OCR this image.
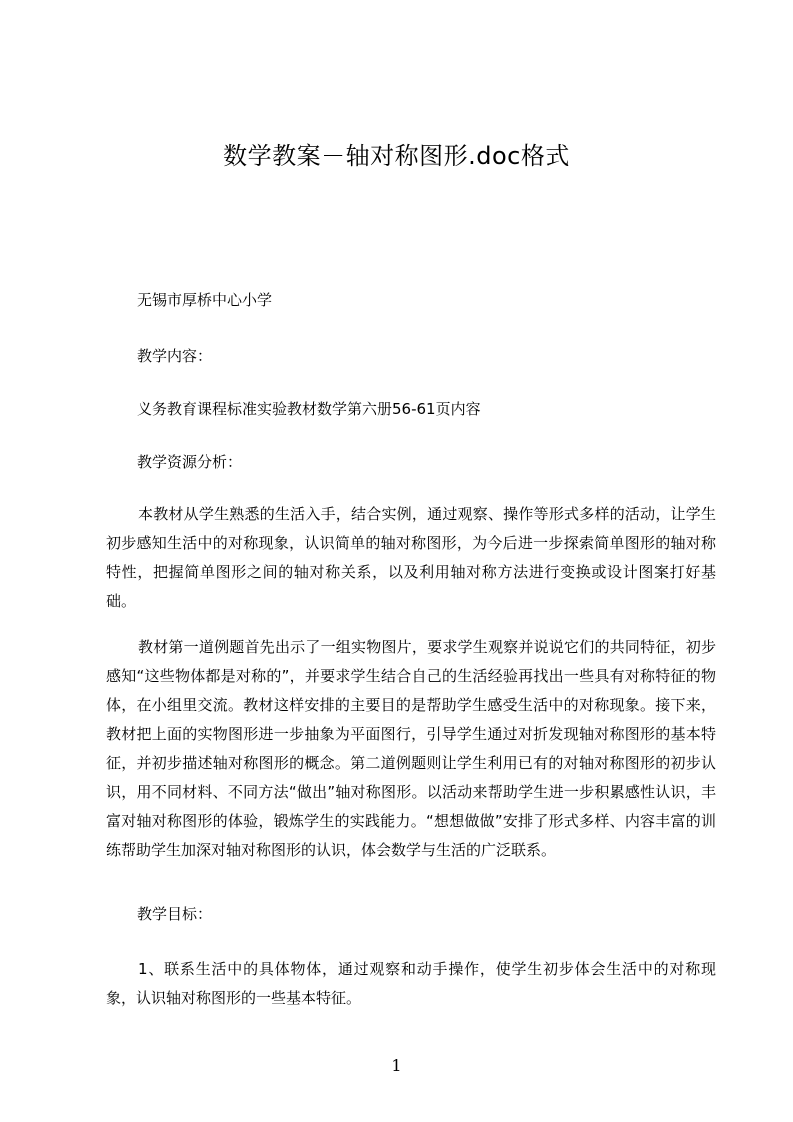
数学教案－轴对称图形.doc格式
无锡市厚桥中心小学
教学内容：
义务教育课程标准实验教材数学第六册56-61页内容
教学资源分析：
本教材从学生熟悉的生活入手，结合实例，通过观察、操作等形式多样的活动，让学生初步感知生活中的对称现象，认识简单的轴对称图形，为今后进一步探索简单图形的轴对称特性，把握简单图形之间的轴对称关系，以及利用轴对称方法进行变换或设计图案打好基础。
教材第一道例题首先出示了一组实物图片，要求学生观察并说说它们的共同特征，初步感知“这些物体都是对称的”，并要求学生结合自己的生活经验再找出一些具有对称特征的物体，在小组里交流。教材这样安排的主要目的是帮助学生感受生活中的对称现象。接下来，教材把上面的实物图形进一步抽象为平面图行，引导学生通过对折发现轴对称图形的基本特征，并初步描述轴对称图形的概念。第二道例题则让学生利用已有的对轴对称图形的初步认识，用不同材料、不同方法“做出”轴对称图形。以活动来帮助学生进一步积累感性认识，丰富对轴对称图形的体验，锻炼学生的实践能力。“想想做做”安排了形式多样、内容丰富的训练帮助学生加深对轴对称图形的认识，体会数学与生活的广泛联系。
教学目标：
1、联系生活中的具体物体，通过观察和动手操作，使学生初步体会生活中的对称现象，认识轴对称图形的一些基本特征。
1
